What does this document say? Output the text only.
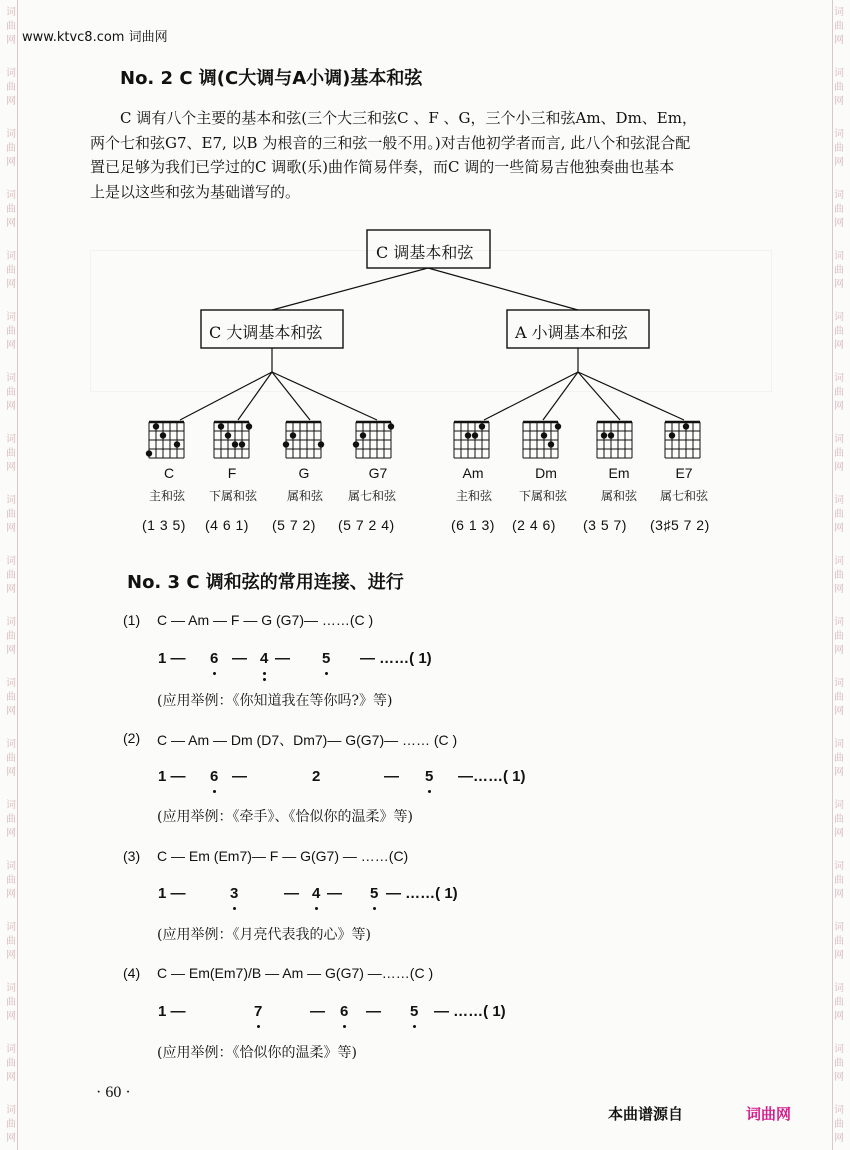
词
曲
网
词
曲
网
词
曲
网
词
曲
网
词
曲
网
词
曲
网
词
曲
网
词
曲
网
词
曲
网
词
曲
网
词
曲
网
词
曲
网
词
曲
网
词
曲
网
词
曲
网
词
曲
网
词
曲
网
词
曲
网
词
曲
网
词
曲
网
词
曲
网
词
曲
网
词
曲
网
词
曲
网
词
曲
网
词
曲
网
词
曲
网
词
曲
网
词
曲
网
词
曲
网
词
曲
网
词
曲
网
词
曲
网
词
曲
网
词
曲
网
词
曲
网
词
曲
网
词
曲
网
www.ktvc8.com 词曲网
No. 2 C 调(C大调与A小调)基本和弦
C 调有八个主要的基本和弦(三个大三和弦C 、F 、G，三个小三和弦Am、Dm、Em，
两个七和弦G7、E7, 以B 为根音的三和弦一般不用。)对吉他初学者而言, 此八个和弦混合配
置已足够为我们已学过的C 调歌(乐)曲作简易伴奏，而C 调的一些简易吉他独奏曲也基本
上是以这些和弦为基础谱写的。
C 调基本和弦
C 大调基本和弦	A 小调基本和弦
C	F	G	G7	Am	Dm	Em	E7
主和弦	下属和弦	属和弦	属七和弦	主和弦	下属和弦	属和弦	属七和弦
(1 3 5) (4 6 1) (5 7 2) (5 7 2 4)	(6 1 3) (2 4 6) (3 5 7) (3♯5 7 2)
No. 3 C 调和弦的常用连接、进行
(1) C — Am — F — G (G7)— ……(C )
1 — 6 — 4 — 5 — ……( 1)
(应用举例：《你知道我在等你吗?》等)
(2) C — Am — Dm (D7、Dm7)— G(G7)— …… (C )
1 — 6 —	2	— 5 —……( 1)
(应用举例：《牵手》、《恰似你的温柔》等)
(3) C — Em (Em7)— F — G(G7) — ……(C)
1 —	3	— 4 — 5 — ……( 1)
(应用举例：《月亮代表我的心》等)
(4) C — Em(Em7)/B — Am — G(G7) —……(C )
1 —	7	— 6 — 5 — ……( 1)
(应用举例：《恰似你的温柔》等)
· 60 ·
本曲谱源自	词曲网
